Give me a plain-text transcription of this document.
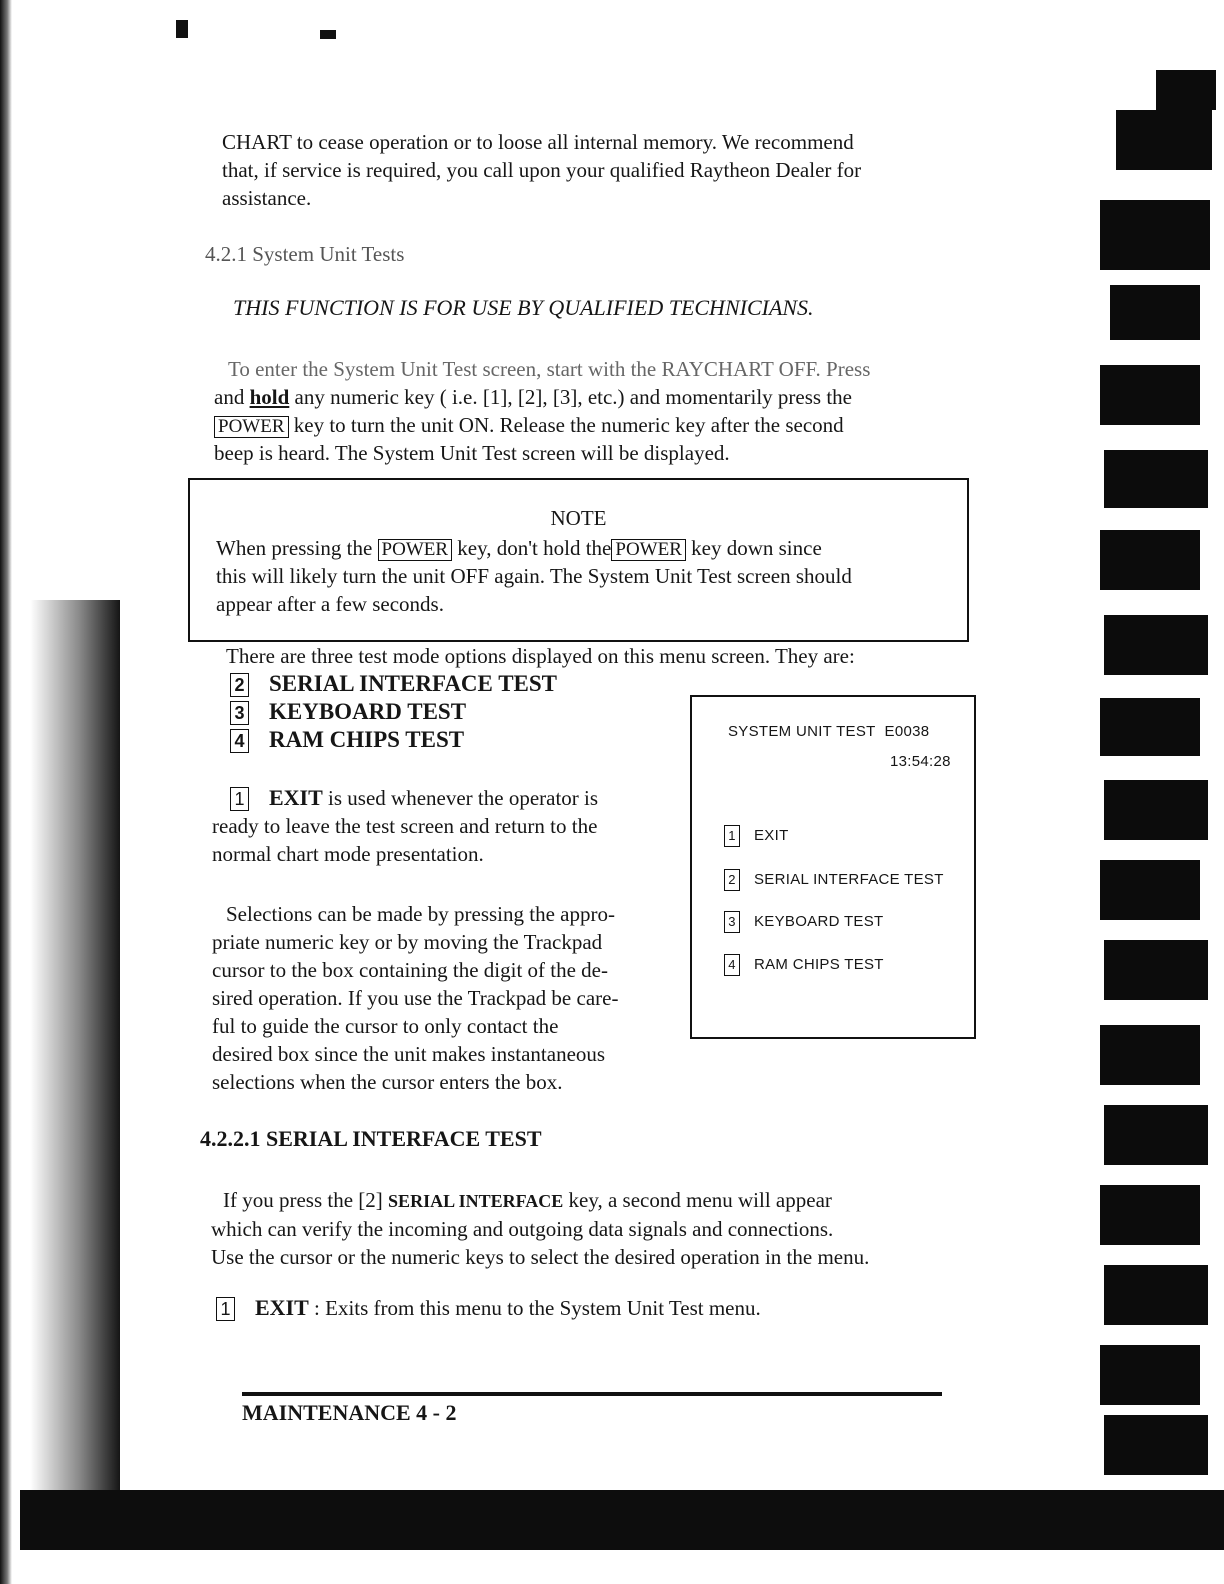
CHART to cease operation or to loose all internal memory. We recommend
that, if service is required, you call upon your qualified Raytheon Dealer for
assistance.
4.2.1 System Unit Tests
THIS FUNCTION IS FOR USE BY QUALIFIED TECHNICIANS.
To enter the System Unit Test screen, start with the RAYCHART OFF. Press
and hold any numeric key ( i.e. [1], [2], [3], etc.) and momentarily press the
POWER key to turn the unit ON. Release the numeric key after the second
beep is heard. The System Unit Test screen will be displayed.
NOTE
When pressing the POWER key, don't hold the POWER key down since
this will likely turn the unit OFF again. The System Unit Test screen should
appear after a few seconds.
There are three test mode options displayed on this menu screen. They are:
2 SERIAL INTERFACE TEST
3 KEYBOARD TEST
4 RAM CHIPS TEST
1 EXIT is used whenever the operator is
ready to leave the test screen and return to the
normal chart mode presentation.
Selections can be made by pressing the appro-
priate numeric key or by moving the Trackpad
cursor to the box containing the digit of the de-
sired operation. If you use the Trackpad be care-
ful to guide the cursor to only contact the
desired box since the unit makes instantaneous
selections when the cursor enters the box.
SYSTEM UNIT TEST E0038
13:54:28
1 EXIT
2 SERIAL INTERFACE TEST
3 KEYBOARD TEST
4 RAM CHIPS TEST
4.2.2.1 SERIAL INTERFACE TEST
If you press the [2] SERIAL INTERFACE key, a second menu will appear
which can verify the incoming and outgoing data signals and connections.
Use the cursor or the numeric keys to select the desired operation in the menu.
1 EXIT : Exits from this menu to the System Unit Test menu.
MAINTENANCE 4 - 2
